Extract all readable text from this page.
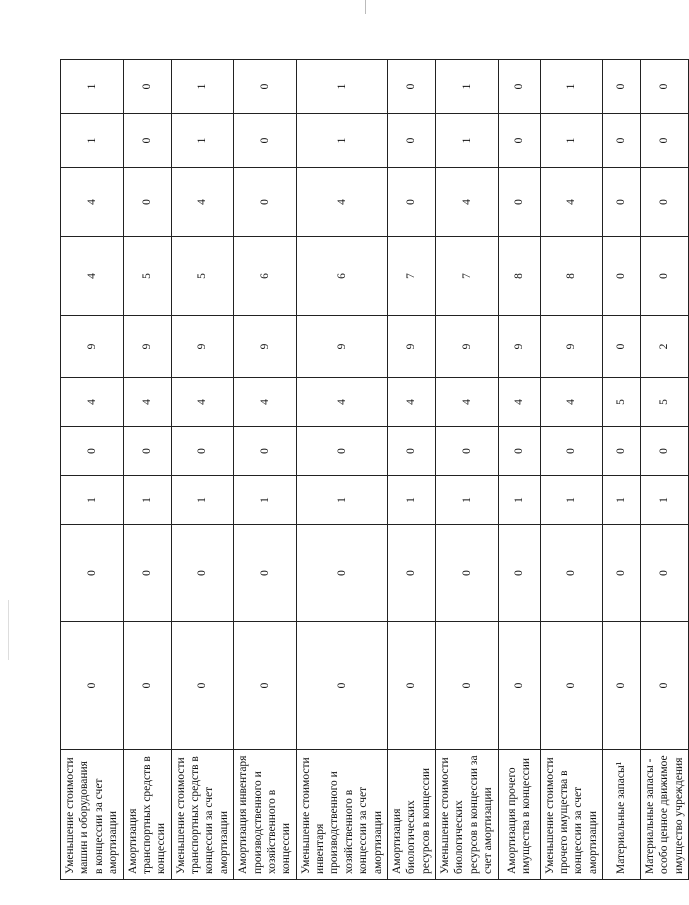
Уменьшение стоимости машин и оборудования в концессии за счет амортизации	0	0	1	0	4	9	4	4	1	1
Амортизация транспортных средств в концессии	0	0	1	0	4	9	5	0	0	0
Уменьшение стоимости транспортных средств в концессии за счет амортизации	0	0	1	0	4	9	5	4	1	1
Амортизация инвентаря производственного и хозяйственного в концессии	0	0	1	0	4	9	6	0	0	0
Уменьшение стоимости инвентаря производственного и хозяйственного в концессии за счет амортизации	0	0	1	0	4	9	6	4	1	1
Амортизация биологических ресурсов в концессии	0	0	1	0	4	9	7	0	0	0
Уменьшение стоимости биологических ресурсов в концессии за счет амортизации	0	0	1	0	4	9	7	4	1	1
Амортизация прочего имущества в концессии	0	0	1	0	4	9	8	0	0	0
Уменьшение стоимости прочего имущества в концессии за счет амортизации	0	0	1	0	4	9	8	4	1	1
Материальные запасы¹	0	0	1	0	5	0	0	0	0	0
Материальные запасы - особо ценное движимое имущество учреждения	0	0	1	0	5	2	0	0	0	0
